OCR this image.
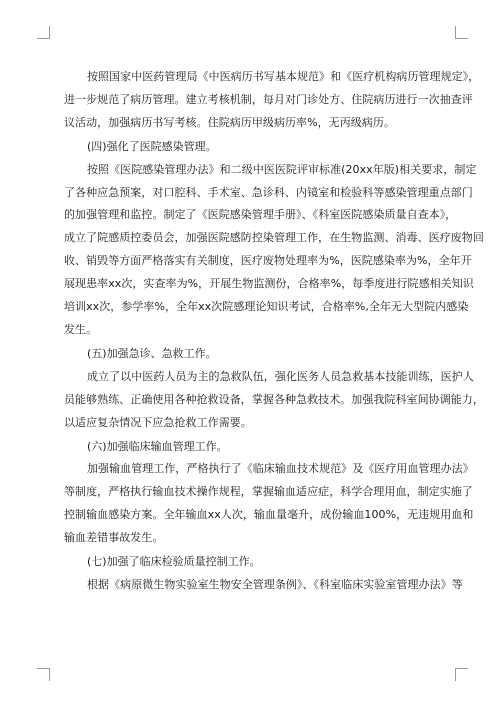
按照国家中医药管理局《中医病历书写基本规范》和《医疗机构病历管理规定》，
进一步规范了病历管理。建立考核机制，每月对门诊处方、住院病历进行一次抽查评
议活动，加强病历书写考核。住院病历甲级病历率%，无丙级病历。
(四)强化了医院感染管理。
按照《医院感染管理办法》和二级中医医院评审标准(20xx年版)相关要求，制定
了各种应急预案，对口腔科、手术室、急诊科、内镜室和检验科等感染管理重点部门
的加强管理和监控。制定了《医院感染管理手册》、《科室医院感染质量自查本》，
成立了院感质控委员会，加强医院感防控染管理工作，在生物监测、消毒、医疗废物回
收、销毁等方面严格落实有关制度，医疗废物处理率为%，医院感染率为%，全年开
展现患率xx次，实查率为%，开展生物监测份，合格率%，每季度进行院感相关知识
培训xx次，参学率%，全年xx次院感理论知识考试，合格率%,全年无大型院内感染
发生。
(五)加强急诊、急救工作。
成立了以中医药人员为主的急救队伍，强化医务人员急救基本技能训练，医护人
员能够熟练、正确使用各种抢救设备，掌握各种急救技术。加强我院科室间协调能力，
以适应复杂情况下应急抢救工作需要。
(六)加强临床输血管理工作。
加强输血管理工作，严格执行了《临床输血技术规范》及《医疗用血管理办法》
等制度，严格执行输血技术操作规程，掌握输血适应症，科学合理用血，制定实施了
控制输血感染方案。全年输血xx人次，输血量毫升，成份输血100%，无违规用血和
输血差错事故发生。
(七)加强了临床检验质量控制工作。
根据《病原微生物实验室生物安全管理条例》、《科室临床实验室管理办法》等
